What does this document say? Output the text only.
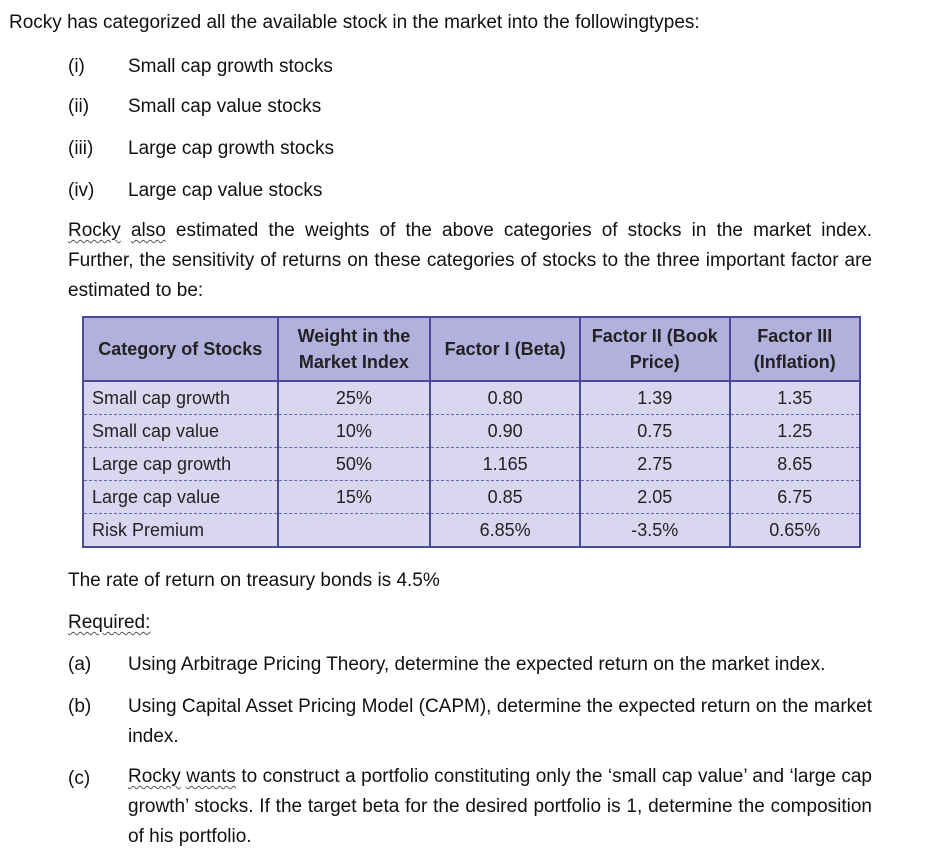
Rocky has categorized all the available stock in the market into the followingtypes:
(i) Small cap growth stocks
(ii) Small cap value stocks
(iii) Large cap growth stocks
(iv) Large cap value stocks
Rocky also estimated the weights of the above categories of stocks in the market index. Further, the sensitivity of returns on these categories of stocks to the three important factor are estimated to be:
Category of Stocks	Weight in the Market Index	Factor I (Beta)	Factor II (Book Price)	Factor III (Inflation)
Small cap growth	25%	0.80	1.39	1.35
Small cap value	10%	0.90	0.75	1.25
Large cap growth	50%	1.165	2.75	8.65
Large cap value	15%	0.85	2.05	6.75
Risk Premium		6.85%	-3.5%	0.65%
The rate of return on treasury bonds is 4.5%
Required:
(a) Using Arbitrage Pricing Theory, determine the expected return on the market index.
(b) Using Capital Asset Pricing Model (CAPM), determine the expected return on the market index.
(c) Rocky wants to construct a portfolio constituting only the ‘small cap value’ and ‘large cap growth’ stocks. If the target beta for the desired portfolio is 1, determine the composition of his portfolio.
